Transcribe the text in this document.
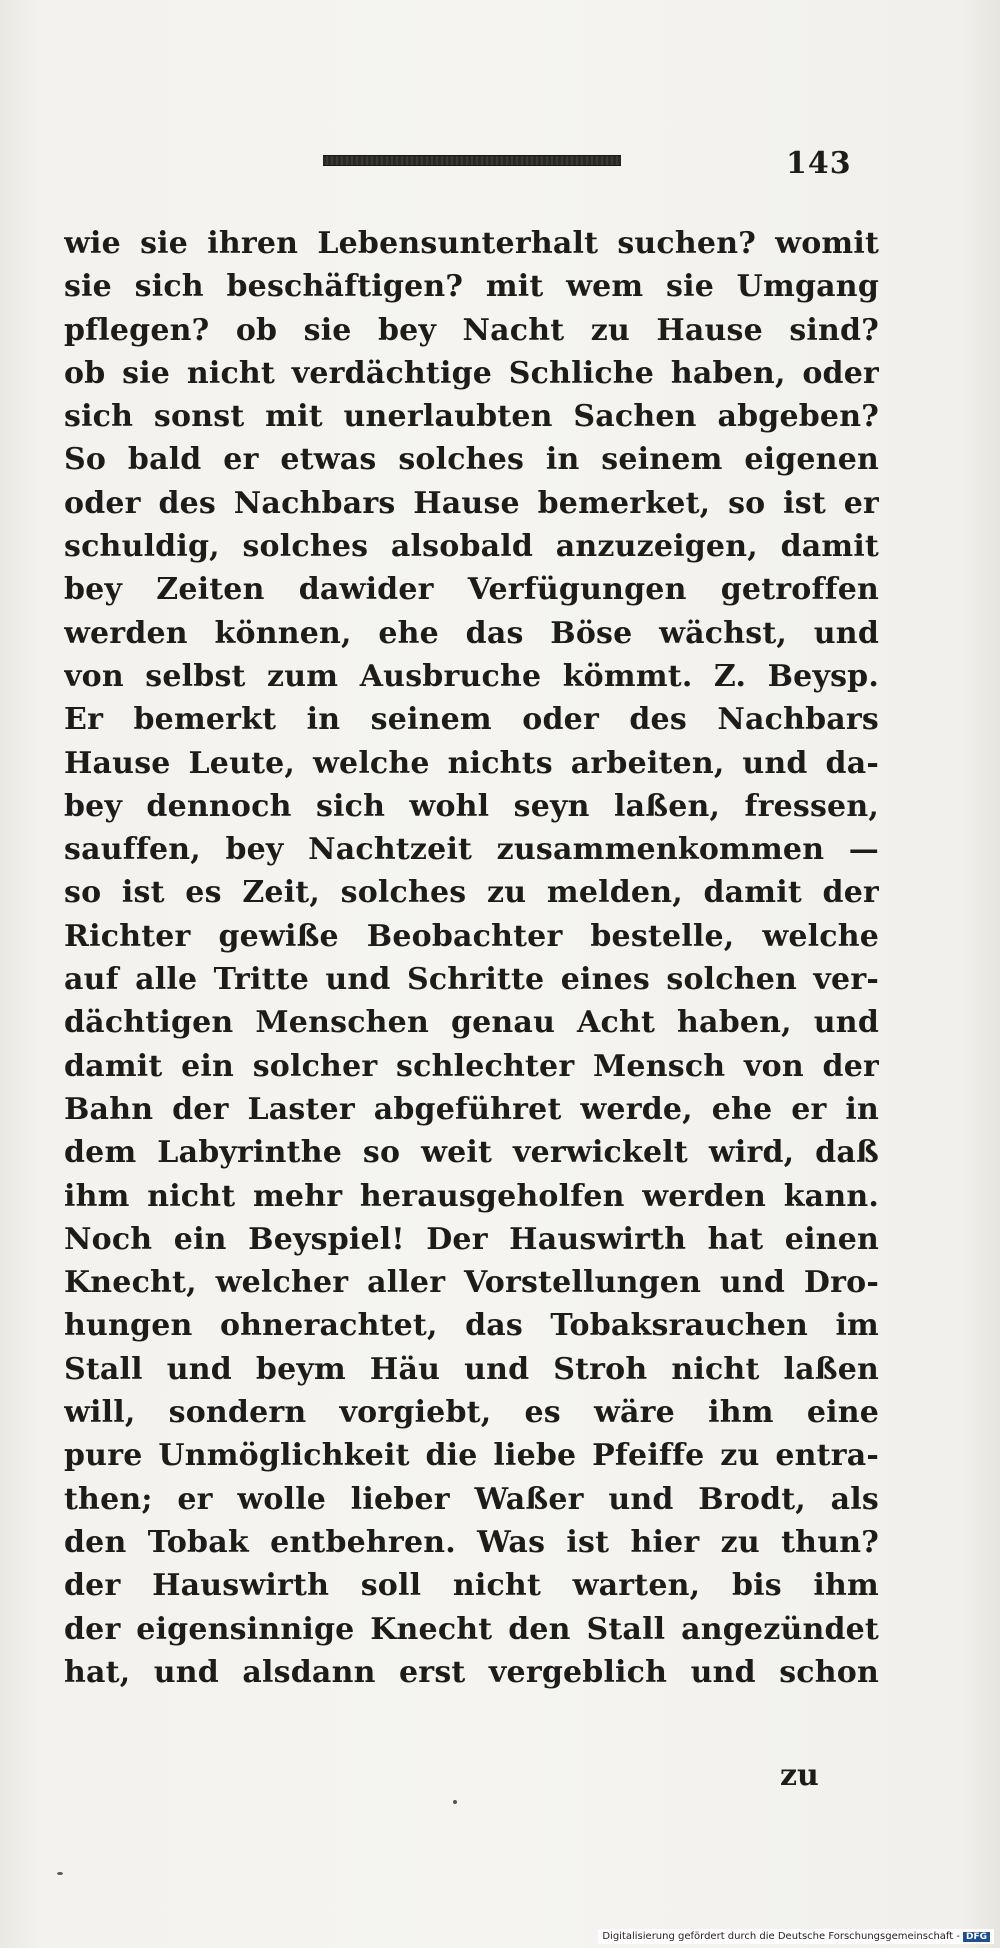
143
wie sie ihren Lebensunterhalt suchen? womit
sie sich beschäftigen? mit wem sie Umgang
pflegen? ob sie bey Nacht zu Hause sind?
ob sie nicht verdächtige Schliche haben, oder
sich sonst mit unerlaubten Sachen abgeben?
So bald er etwas solches in seinem eigenen
oder des Nachbars Hause bemerket, so ist er
schuldig, solches alsobald anzuzeigen, damit
bey Zeiten dawider Verfügungen getroffen
werden können, ehe das Böse wächst, und
von selbst zum Ausbruche kömmt. Z. Beysp.
Er bemerkt in seinem oder des Nachbars
Hause Leute, welche nichts arbeiten, und da-
bey dennoch sich wohl seyn laßen, fressen,
sauffen, bey Nachtzeit zusammenkommen —
so ist es Zeit, solches zu melden, damit der
Richter gewiße Beobachter bestelle, welche
auf alle Tritte und Schritte eines solchen ver-
dächtigen Menschen genau Acht haben, und
damit ein solcher schlechter Mensch von der
Bahn der Laster abgeführet werde, ehe er in
dem Labyrinthe so weit verwickelt wird, daß
ihm nicht mehr herausgeholfen werden kann.
Noch ein Beyspiel! Der Hauswirth hat einen
Knecht, welcher aller Vorstellungen und Dro-
hungen ohnerachtet, das Tobaksrauchen im
Stall und beym Häu und Stroh nicht laßen
will, sondern vorgiebt, es wäre ihm eine
pure Unmöglichkeit die liebe Pfeiffe zu entra-
then; er wolle lieber Waßer und Brodt, als
den Tobak entbehren. Was ist hier zu thun?
der Hauswirth soll nicht warten, bis ihm
der eigensinnige Knecht den Stall angezündet
hat, und alsdann erst vergeblich und schon
zu
Digitalisierung gefördert durch die Deutsche Forschungsgemeinschaft - DFG
